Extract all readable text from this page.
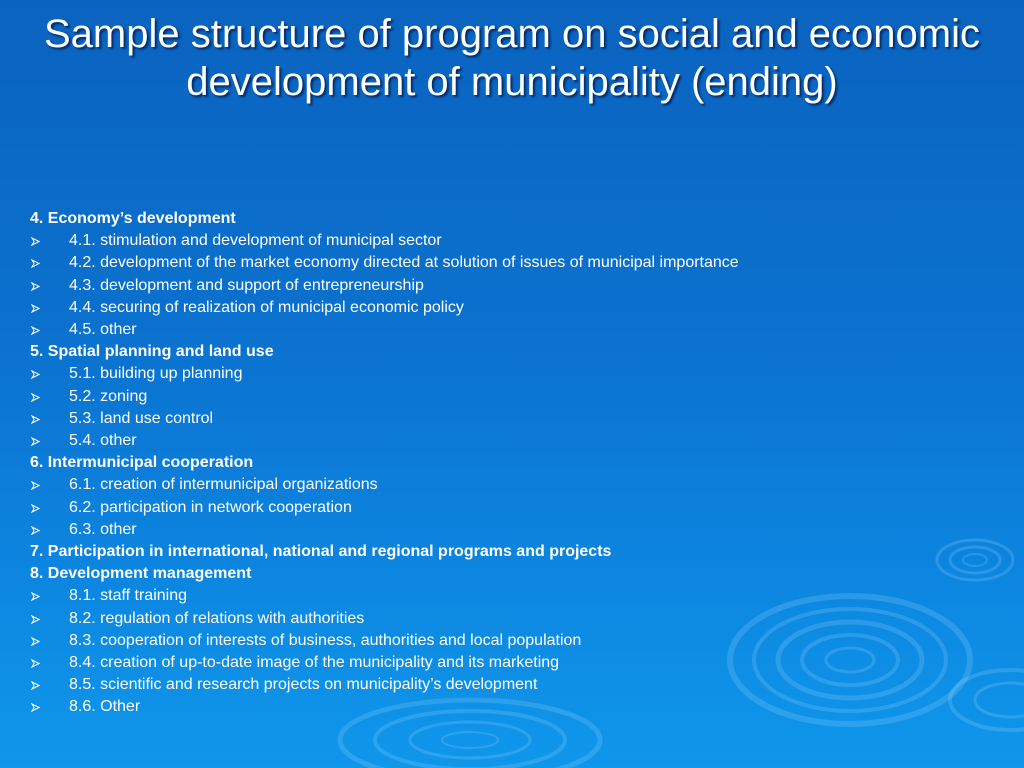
Sample structure of program on social and economic development of municipality (ending)
4. Economy’s development
4.1. stimulation and development of municipal sector
4.2. development of the market economy directed at solution of issues of municipal importance
4.3. development and support of entrepreneurship
4.4. securing of realization of municipal economic policy
4.5. other
5. Spatial planning and land use
5.1. building up planning
5.2. zoning
5.3. land use control
5.4. other
6. Intermunicipal cooperation
6.1. creation of intermunicipal organizations
6.2. participation in network cooperation
6.3. other
7. Participation in international, national and regional programs and projects
8. Development management
8.1. staff training
8.2. regulation of relations with authorities
8.3. cooperation of interests of business, authorities and local population
8.4. creation of up-to-date image of the municipality and its marketing
8.5. scientific and research projects on municipality’s development
8.6. Other
